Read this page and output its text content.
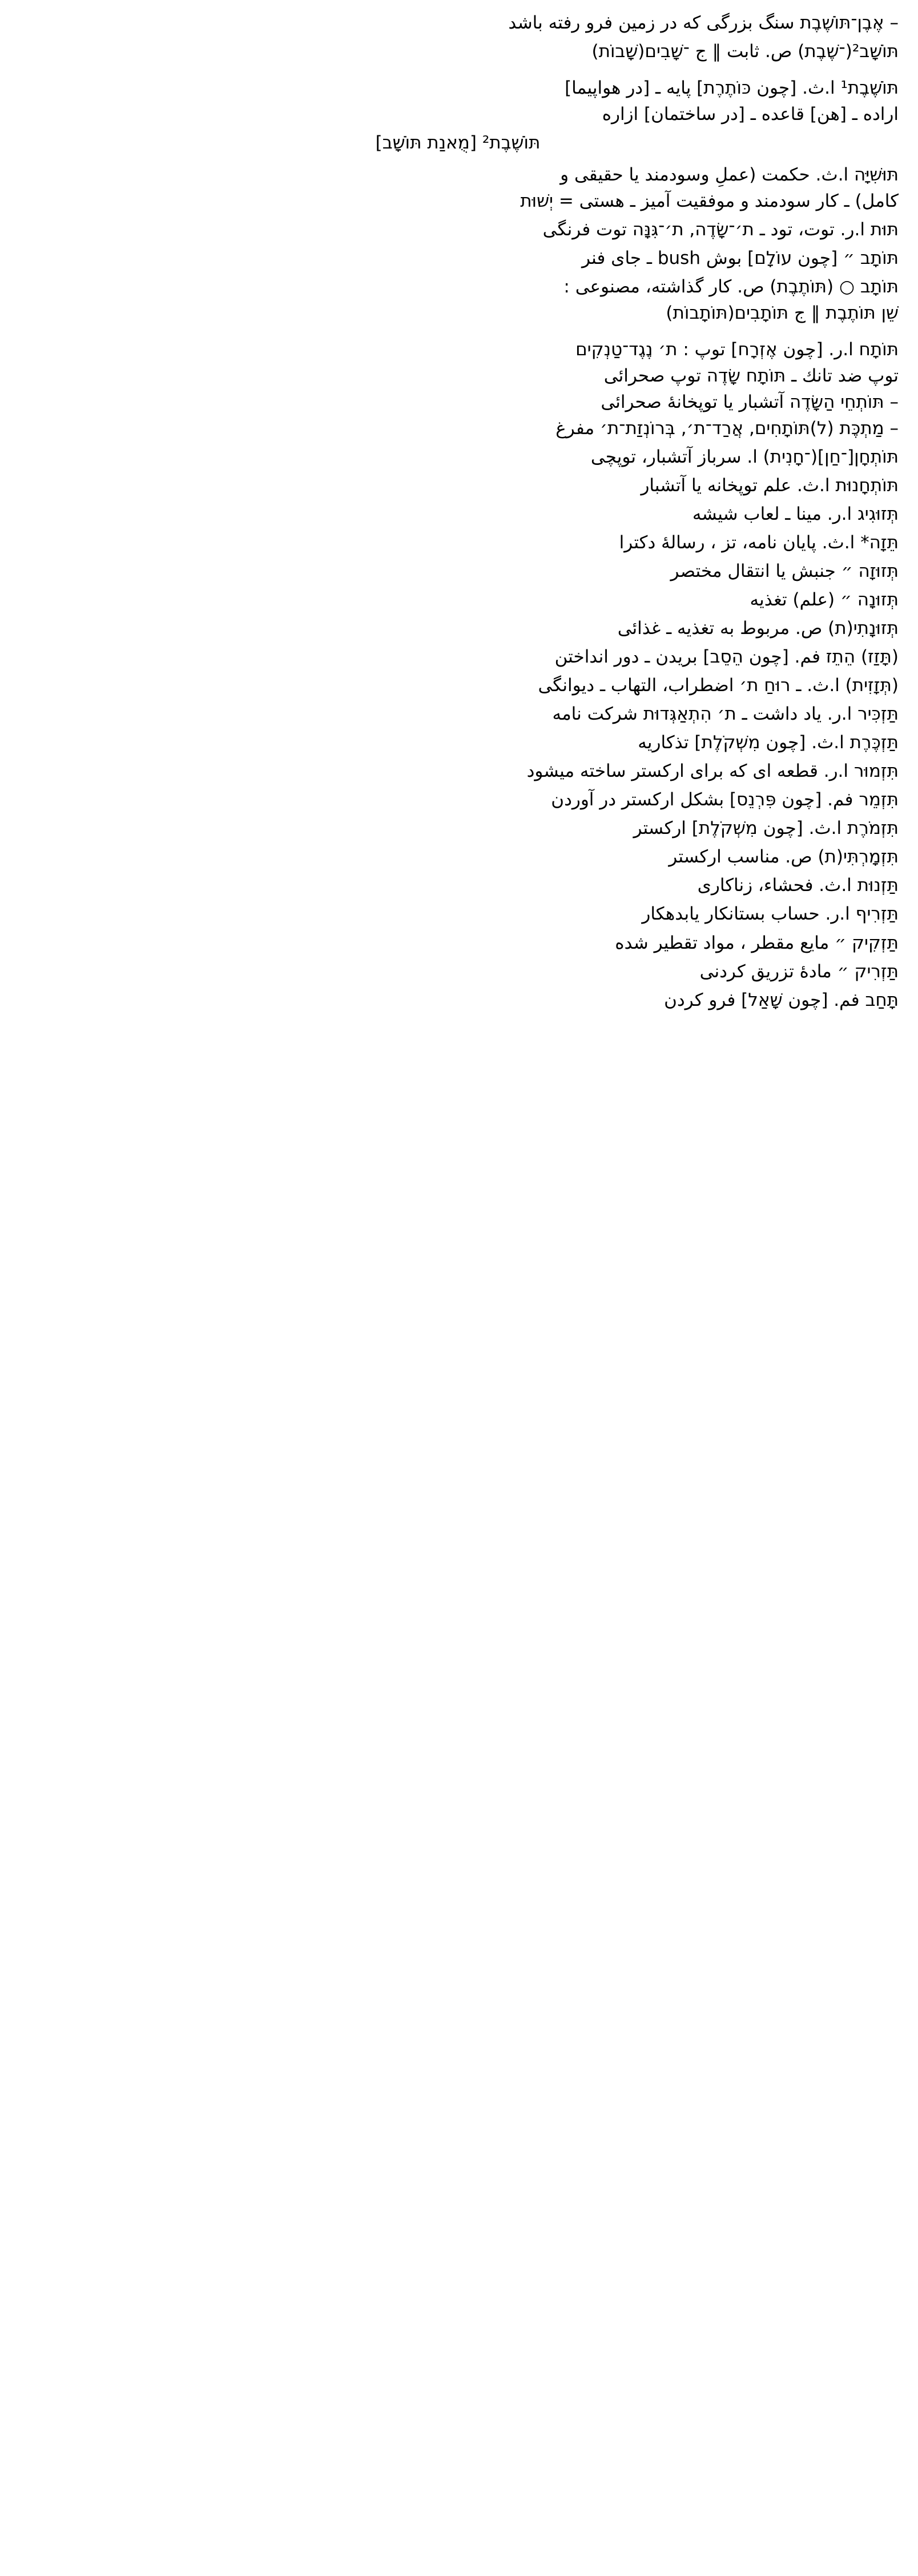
– אֶבֶן־תּוֹשֶׁבֶת سنگ بزرگی که در زمین فرو رفته باشد
תּוֹשָׁב²(־שֶׁבֶת) ص. ثابت ‖ ج ־שָׁבִים(שָׁבוֹת)
תּוֹשֶׁבֶת¹ ا.ث. [چون כּוֹתֶרֶת] پایه ـ [در هواپیما]
اراده ـ [هن] قاعده ـ [در ساختمان] ازاره
תּוֹשֶׁבֶת² [מֻאנַת תּוֹשָׁב]
תּוּשִׁיָּה ا.ث. حکمت (عملِ وسودمند یا حقیقی و
کامل) ـ کار سودمند و موفقیت آمیز ـ هستی = יְשׁוּת
תּוּת ا.ر. توت، تود ـ ת׳־שָׂדֶה, ת׳־גִּנָּה توت فرنگی
תּוֹתָב ״ [چون עוֹלָם] بوش bush ـ جای فنر
תּוֹתָב ○ (תּוֹתֶבֶת) ص. کار گذاشته، مصنوعی :
שֵׁן תּוֹתֶבֶת ‖ ج תּוֹתָבִים(תּוֹתָבוֹת)
תּוֹתָח ا.ر. [چون אֶזְרָח] توپ : ת׳ נֶגֶד־טַנְקִים
توپ ضد تانك ـ תּוֹתָח שָׂדֶה توپ صحرائی
– תּוֹתְחֵי הַשָּׂדֶה آتشبار یا توپخانهٔ صحرائی
– מַתְכֶּת (ל)תּוֹתָחִים, אֲרַד־ת׳, בְּרוֹנְזַת־ת׳ مفرغ
תּוֹתְחָן[־חַן](־חָנִית) ا. سرباز آتشبار، توپچی
תּוֹתְחָנוּת ا.ث. علم توپخانه یا آتشبار
תְּזוּגִיג ا.ر. مینا ـ لعاب شیشه
תֵּזָה* ا.ث. پایان نامه، تز ، رسالهٔ دکترا
תְּזוּזָה ״ جنبش یا انتقال مختصر
תְּזוּנָה ״ (علم) تغذیه
תְּזוּנָתִי(ת) ص. مربوط به تغذیه ـ غذائی
(תָּזַז) הֵתֵז فم. [چون הֵסֵב] بریدن ـ دور انداختن
(תְּזָזִית) ا.ث. ـ רוּחַ ת׳ اضطراب، التهاب ـ دیوانگی
תַּזְכִּיר ا.ر. یاد داشت ـ ת׳ הִתְאַגְּדוּת شرکت نامه
תַּזְכֶּרֶת ا.ث. [چون מִשְׁקֹלֶת] تذکاریه
תִּזְמוּר ا.ر. قطعه ای که برای ارکستر ساخته میشود
תִּזְמֵר فم. [چون פִּרְנֵס] بشکل ارکستر در آوردن
תִּזְמֹרֶת ا.ث. [چون מִשְׁקֹלֶת] ارکستر
תִּזְמָרְתִּי(ת) ص. مناسب ارکستر
תַּזְנוּת ا.ث. فحشاء، زناکاری
תַּזְרִיף ا.ر. حساب بستانکار یابدهکار
תַּזְקִיק ״ مایع مقطر ، مواد تقطیر شده
תַּזְרִיק ״ مادهٔ تزریق کردنی
תָּחַב فم. [چون שָׁאַל] فرو کردن
